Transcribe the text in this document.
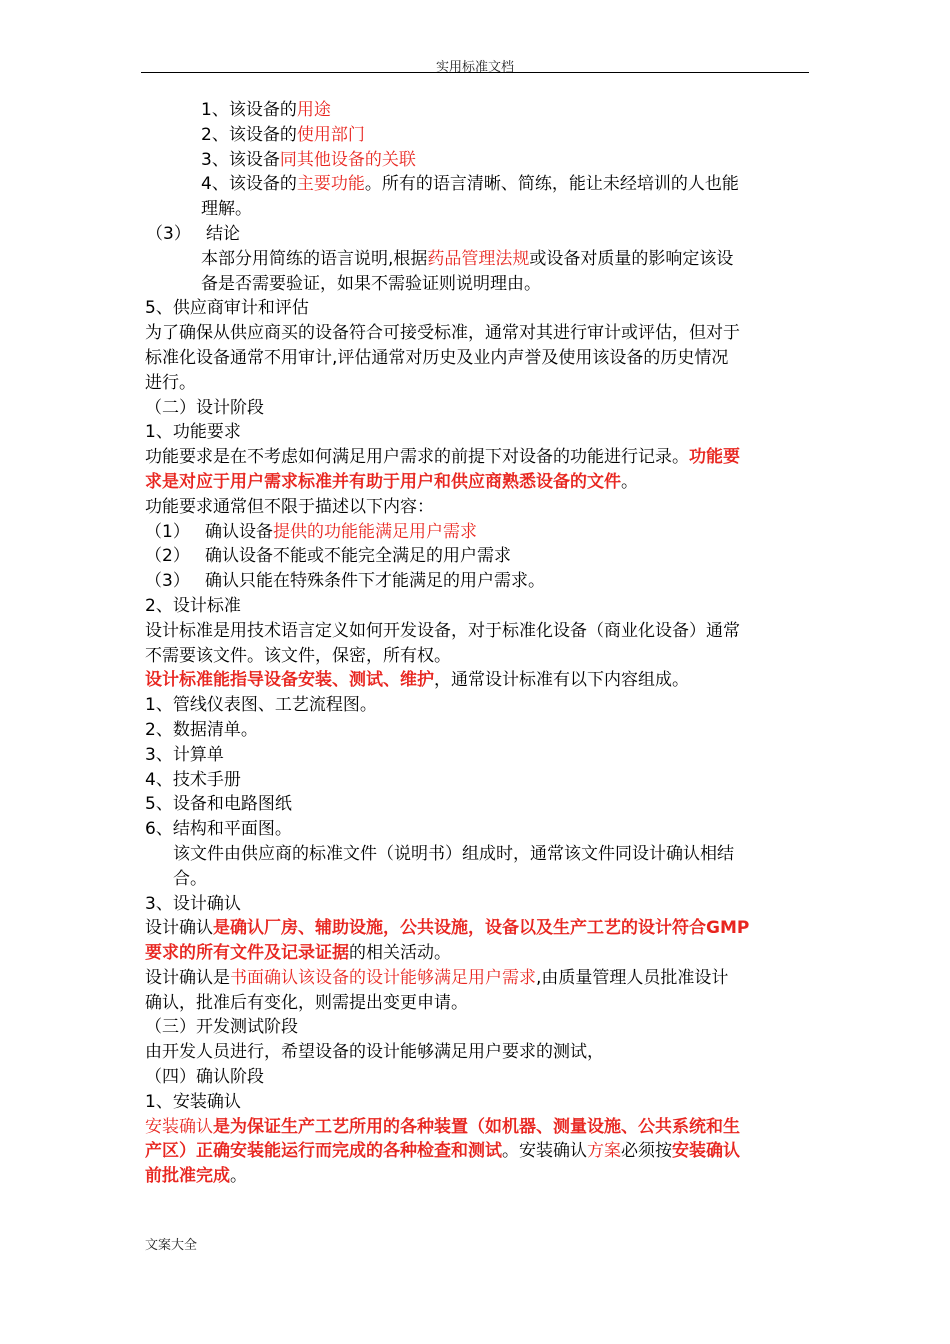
实用标准文档
1、该设备的用途
2、该设备的使用部门
3、该设备同其他设备的关联
4、该设备的主要功能。所有的语言清晰、简练，能让未经培训的人也能
理解。
（3） 结论
本部分用简练的语言说明,根据药品管理法规或设备对质量的影响定该设
备是否需要验证，如果不需验证则说明理由。
5、供应商审计和评估
为了确保从供应商买的设备符合可接受标准，通常对其进行审计或评估，但对于
标准化设备通常不用审计,评估通常对历史及业内声誉及使用该设备的历史情况
进行。
（二）设计阶段
1、功能要求
功能要求是在不考虑如何满足用户需求的前提下对设备的功能进行记录。功能要
求是对应于用户需求标准并有助于用户和供应商熟悉设备的文件。
功能要求通常但不限于描述以下内容：
（1） 确认设备提供的功能能满足用户需求
（2） 确认设备不能或不能完全满足的用户需求
（3） 确认只能在特殊条件下才能满足的用户需求。
2、设计标准
设计标准是用技术语言定义如何开发设备，对于标准化设备（商业化设备）通常
不需要该文件。该文件，保密，所有权。
设计标准能指导设备安装、测试、维护，通常设计标准有以下内容组成。
1、管线仪表图、工艺流程图。
2、数据清单。
3、计算单
4、技术手册
5、设备和电路图纸
6、结构和平面图。
该文件由供应商的标准文件（说明书）组成时，通常该文件同设计确认相结
合。
3、设计确认
设计确认是确认厂房、辅助设施，公共设施，设备以及生产工艺的设计符合GMP
要求的所有文件及记录证据的相关活动。
设计确认是书面确认该设备的设计能够满足用户需求,由质量管理人员批准设计
确认，批准后有变化，则需提出变更申请。
（三）开发测试阶段
由开发人员进行，希望设备的设计能够满足用户要求的测试，
（四）确认阶段
1、安装确认
安装确认是为保证生产工艺所用的各种装置（如机器、测量设施、公共系统和生
产区）正确安装能运行而完成的各种检查和测试。安装确认方案必须按安装确认
前批准完成。
文案大全
